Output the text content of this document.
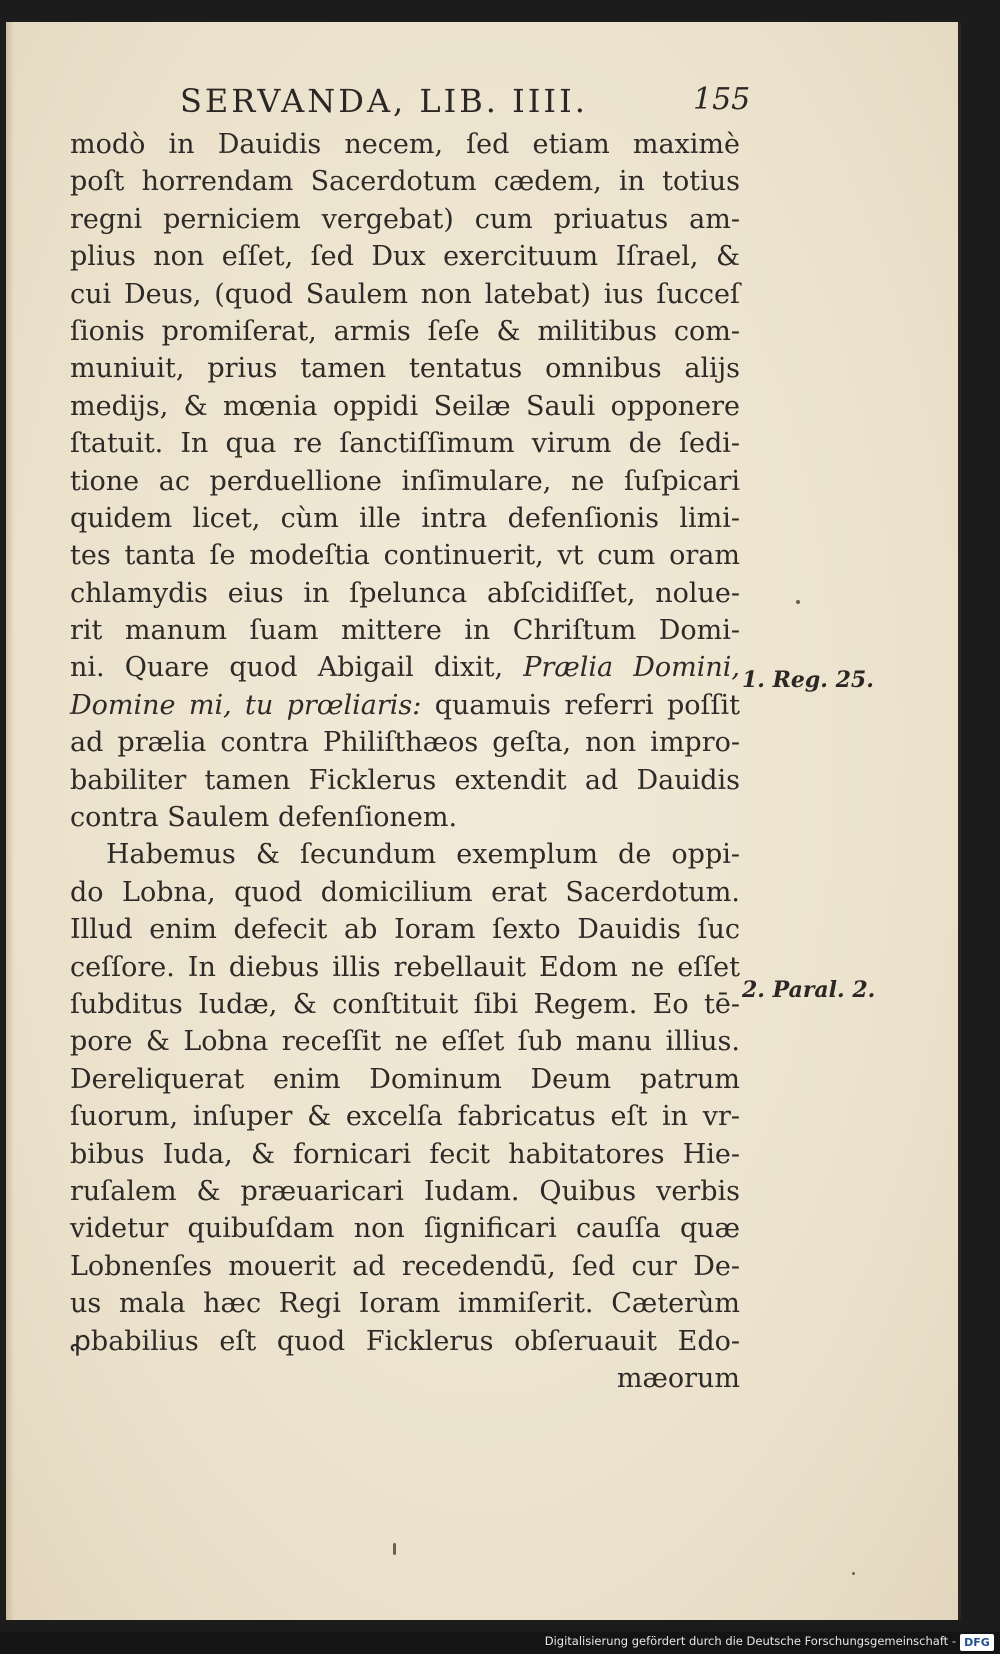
SERVANDA, LIB. IIII.	155
modò in Dauidis necem, ſed etiam maximè
poſt horrendam Sacerdotum cædem, in totius
regni perniciem vergebat) cum priuatus am-
plius non eſſet, ſed Dux exercituum Iſrael, &
cui Deus, (quod Saulem non latebat) ius ſucceſ
ſionis promiſerat, armis ſeſe & militibus com-
muniuit, prius tamen tentatus omnibus alijs
medijs, & mœnia oppidi Seilæ Sauli opponere
ſtatuit. In qua re ſanctiſſimum virum de ſedi-
tione ac perduellione inſimulare, ne ſuſpicari
quidem licet, cùm ille intra defenſionis limi-
tes tanta ſe modeſtia continuerit, vt cum oram
chlamydis eius in ſpelunca abſcidiſſet, noluе-
rit manum ſuam mittere in Chriſtum Domi-
ni. Quare quod Abigail dixit, Prælia Domini,
Domine mi, tu prœliaris: quamuis referri poſſit
ad prælia contra Philiſthæos geſta, non impro-
babiliter tamen Ficklerus extendit ad Dauidis
contra Saulem defenſionem.
Habemus & ſecundum exemplum de oppi-
do Lobna, quod domicilium erat Sacerdotum.
Illud enim defecit ab Ioram ſexto Dauidis ſuc
ceſſore. In diebus illis rebellauit Edom ne eſſet
ſubditus Iudæ, & conſtituit ſibi Regem. Eo tē-
pore & Lobna receſſit ne eſſet ſub manu illius.
Dereliquerat enim Dominum Deum patrum
ſuorum, inſuper & excelſa fabricatus eſt in vr-
bibus Iuda, & fornicari fecit habitatores Hie-
ruſalem & præuaricari Iudam. Quibus verbis
videtur quibuſdam non ſignificari cauſſa quæ
Lobnenſes mouerit ad recedendū, ſed cur De-
us mala hæc Regi Ioram immiſerit. Cæterùm
ꝓbabilius eſt quod Ficklerus obſeruauit Edo-
mæorum
1. Reg. 25.
2. Paral. 2.
Digitalisierung gefördert durch die Deutsche Forschungsgemeinschaft - DFG
